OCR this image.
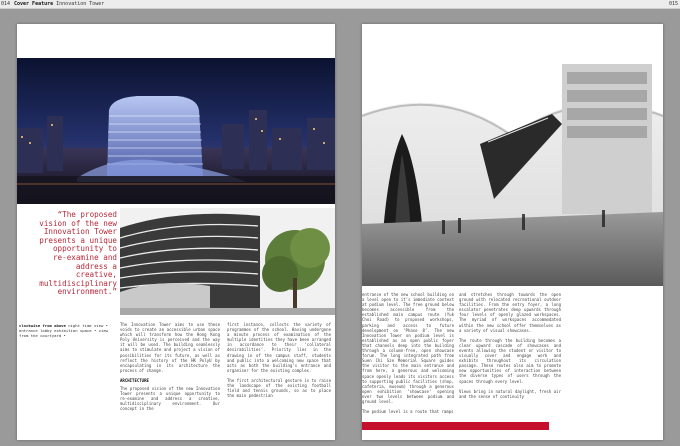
014 Cover Feature Innovation Tower	015
“The proposed vision of the new Innovation Tower presents a unique opportunity to re-examine and address a creative, multidisciplinary environment.”
clockwise from above night time view • entrance lobby exhibition space • view from the courtyard •

The Innovation Tower aims to use these voids to create an accessible urban space which will transform how the Hong Kong Poly University is perceived and the way it will be used. The building seamlessly aims to stimulate and project a vision of possibilities for its future, as well as reflect the history of the HK PolyU by encapsulating in its architecture the process of change.

ARCHITECTURE

The proposed vision of the new Innovation Tower presents a unique opportunity to re-examine and address a creative, multidisciplinary environment. Our concept in the

first instance, collects the variety of programmes of the school. Having undergone a minute process of examination of the multiple identities they have been arranged in accordance to their ‘collateral desirabilities’. Priority lies in the drawing in of the campus staff, students and public into a welcoming new space that acts as both the building’s entrance and organiser for the existing complex.

The first architectural gesture is to raise the landscape of the existing football field and tennis grounds, so as to place the main pedestrian

entrance of the new school building on a level open to it’s immediate context at podium level. The free ground below becomes accessible from the established main campus route (Yuk Choi Road) to proposed workshops, parking and access to future development on ‘Phase 8’. The new Innovation Tower on podium level is established as an open public foyer that channels deep into the building through a column-free, open showcase forum. The long integrated path from Suen Chi Sze Memorial Square guides the visitor to the main entrance and from here, a generous and welcoming space openly leads its visitors access to supporting public facilities (shop, cafeteria, museum) through a generous open exhibition ‘showcase’ opening over two levels between podium and ground level.

The podium level is a route that ramps

and stretches through towards the open ground with relocated recreational outdoor facilities. From the entry foyer, a long escalator penetrates deep upwards through four levels of openly glazed workspaces. The myriad of workspaces accommodated within the new school offer themselves as a variety of visual showcases.

The route through the building becomes a clear upward cascade of showcases and events allowing the student or visitor to visually cover and engage work and exhibits throughout its circulation passage. These routes also aim to promote new opportunities of interaction between the diverse types of users through the spaces through every level.

Views bring in natural daylight, fresh air and the sense of continuity
